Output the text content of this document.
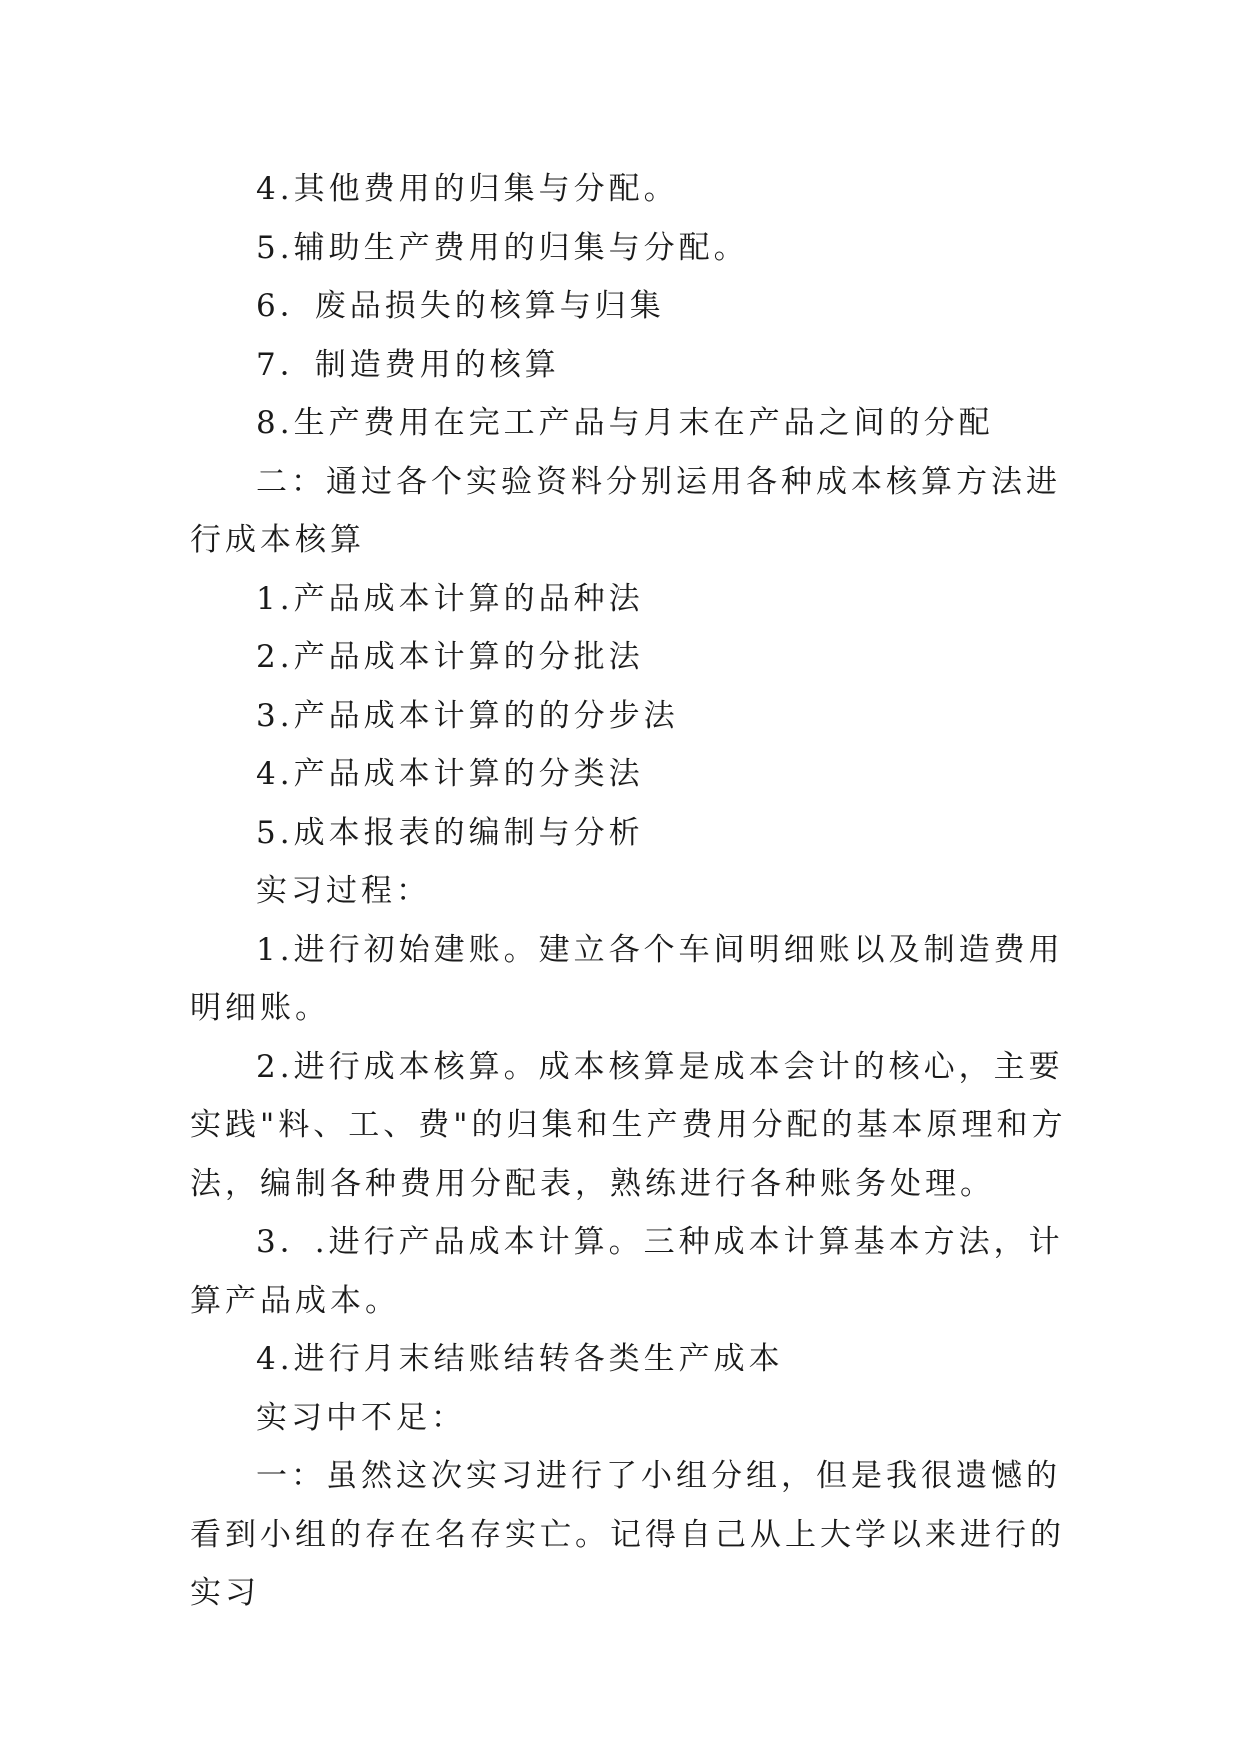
4.其他费用的归集与分配。

5.辅助生产费用的归集与分配。

6．废品损失的核算与归集

7．制造费用的核算

8.生产费用在完工产品与月末在产品之间的分配

二：通过各个实验资料分别运用各种成本核算方法进行成本核算

1.产品成本计算的品种法

2.产品成本计算的分批法

3.产品成本计算的的分步法

4.产品成本计算的分类法

5.成本报表的编制与分析

实习过程：

1.进行初始建账。建立各个车间明细账以及制造费用明细账。

2.进行成本核算。成本核算是成本会计的核心，主要实践"料、工、费"的归集和生产费用分配的基本原理和方法，编制各种费用分配表，熟练进行各种账务处理。

3．.进行产品成本计算。三种成本计算基本方法，计算产品成本。

4.进行月末结账结转各类生产成本

实习中不足：

一：虽然这次实习进行了小组分组，但是我很遗憾的看到小组的存在名存实亡。记得自己从上大学以来进行的实习
